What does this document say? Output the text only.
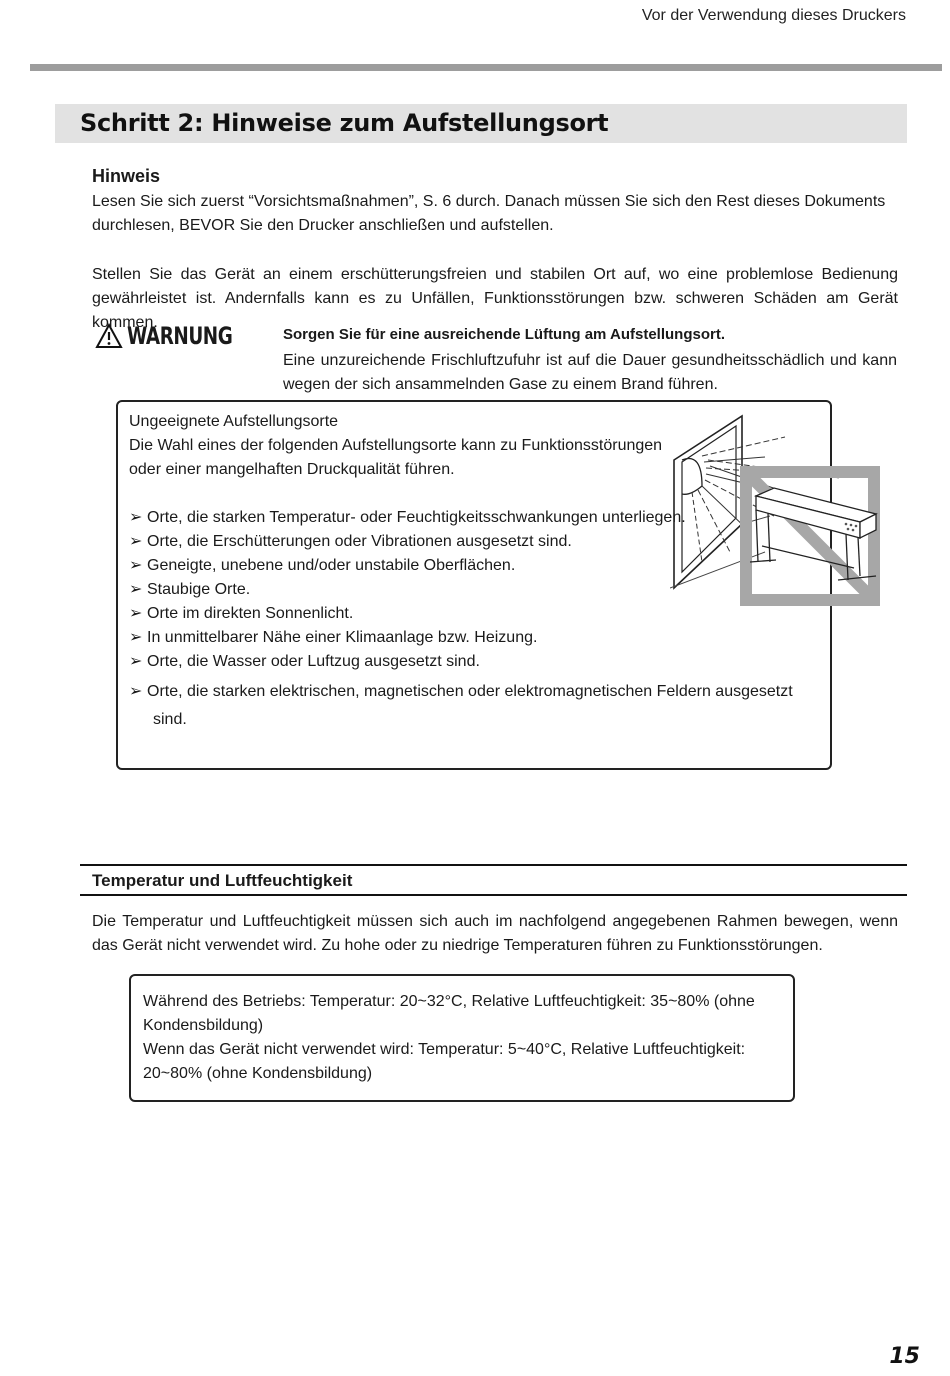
Vor der Verwendung dieses Druckers
Schritt 2: Hinweise zum Aufstellungsort
Hinweis
Lesen Sie sich zuerst “Vorsichtsmaßnahmen”, S. 6 durch. Danach müssen Sie sich den Rest dieses Dokuments durchlesen, BEVOR Sie den Drucker anschließen und aufstellen.
Stellen Sie das Gerät an einem erschütterungsfreien und stabilen Ort auf, wo eine problemlose Bedienung gewährleistet ist. Andernfalls kann es zu Unfällen, Funktionsstörungen bzw. schweren Schäden am Gerät kommen.
WARNUNG	Sorgen Sie für eine ausreichende Lüftung am Aufstellungsort.
Eine unzureichende Frischluftzufuhr ist auf die Dauer gesundheitsschädlich und kann wegen der sich ansammelnden Gase zu einem Brand führen.
Ungeeignete Aufstellungsorte
Die Wahl eines der folgenden Aufstellungsorte kann zu Funktionsstörungen oder einer mangelhaften Druckqualität führen.
➢ Orte, die starken Temperatur- oder Feuchtigkeitsschwankungen unterliegen.
➢ Orte, die Erschütterungen oder Vibrationen ausgesetzt sind.
➢ Geneigte, unebene und/oder unstabile Oberflächen.
➢ Staubige Orte.
➢ Orte im direkten Sonnenlicht.
➢ In unmittelbarer Nähe einer Klimaanlage bzw. Heizung.
➢ Orte, die Wasser oder Luftzug ausgesetzt sind.
➢ Orte, die starken elektrischen, magnetischen oder elektromagnetischen Feldern ausgesetzt
sind.
Temperatur und Luftfeuchtigkeit
Die Temperatur und Luftfeuchtigkeit müssen sich auch im nachfolgend angegebenen Rahmen bewegen, wenn das Gerät nicht verwendet wird. Zu hohe oder zu niedrige Temperaturen führen zu Funktionsstörungen.
Während des Betriebs: Temperatur: 20~32°C, Relative Luftfeuchtigkeit: 35~80% (ohne Kondensbildung)
Wenn das Gerät nicht verwendet wird: Temperatur: 5~40°C, Relative Luftfeuchtigkeit: 20~80% (ohne Kondensbildung)
15
